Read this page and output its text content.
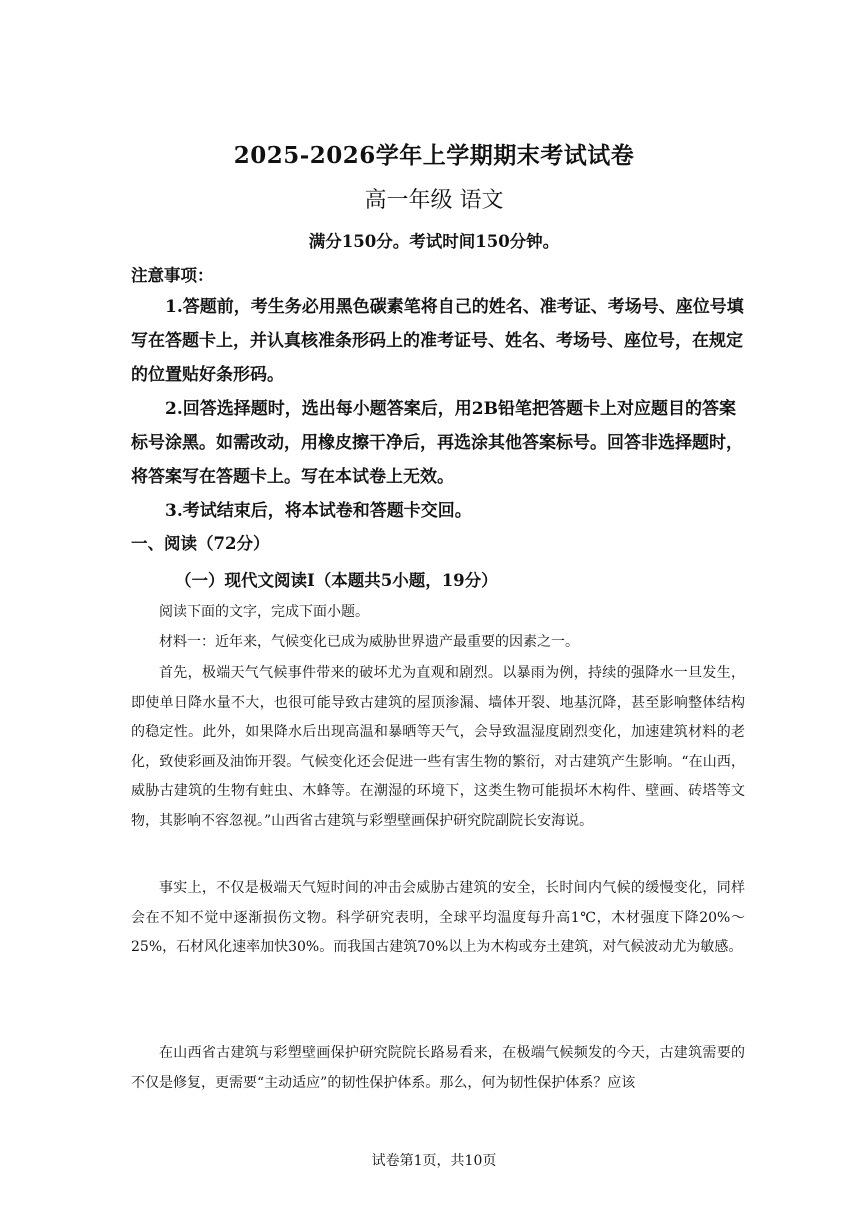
2025-2026学年上学期期末考试试卷
高一年级 语文
满分150分。考试时间150分钟。
注意事项：

1.答题前，考生务必用黑色碳素笔将自己的姓名、准考证、考场号、座位号填写在答题卡上，并认真核准条形码上的准考证号、姓名、考场号、座位号，在规定的位置贴好条形码。

2.回答选择题时，选出每小题答案后，用2B铅笔把答题卡上对应题目的答案标号涂黑。如需改动，用橡皮擦干净后，再选涂其他答案标号。回答非选择题时，将答案写在答题卡上。写在本试卷上无效。

3.考试结束后，将本试卷和答题卡交回。

一、阅读（72分）
（一）现代文阅读I（本题共5小题，19分）

阅读下面的文字，完成下面小题。

材料一：近年来，气候变化已成为威胁世界遗产最重要的因素之一。

首先，极端天气气候事件带来的破坏尤为直观和剧烈。以暴雨为例，持续的强降水一旦发生，即使单日降水量不大，也很可能导致古建筑的屋顶渗漏、墙体开裂、地基沉降，甚至影响整体结构的稳定性。此外，如果降水后出现高温和暴晒等天气，会导致温湿度剧烈变化，加速建筑材料的老化，致使彩画及油饰开裂。气候变化还会促进一些有害生物的繁衍，对古建筑产生影响。“在山西，威胁古建筑的生物有蛀虫、木蜂等。在潮湿的环境下，这类生物可能损坏木构件、壁画、砖塔等文物，其影响不容忽视。”山西省古建筑与彩塑壁画保护研究院副院长安海说。

事实上，不仅是极端天气短时间的冲击会威胁古建筑的安全，长时间内气候的缓慢变化，同样会在不知不觉中逐渐损伤文物。科学研究表明，全球平均温度每升高1℃，木材强度下降20%～25%，石材风化速率加快30%。而我国古建筑70%以上为木构或夯土建筑，对气候波动尤为敏感。

在山西省古建筑与彩塑壁画保护研究院院长路易看来，在极端气候频发的今天，古建筑需要的不仅是修复，更需要“主动适应”的韧性保护体系。那么，何为韧性保护体系？应该

试卷第1页，共10页
